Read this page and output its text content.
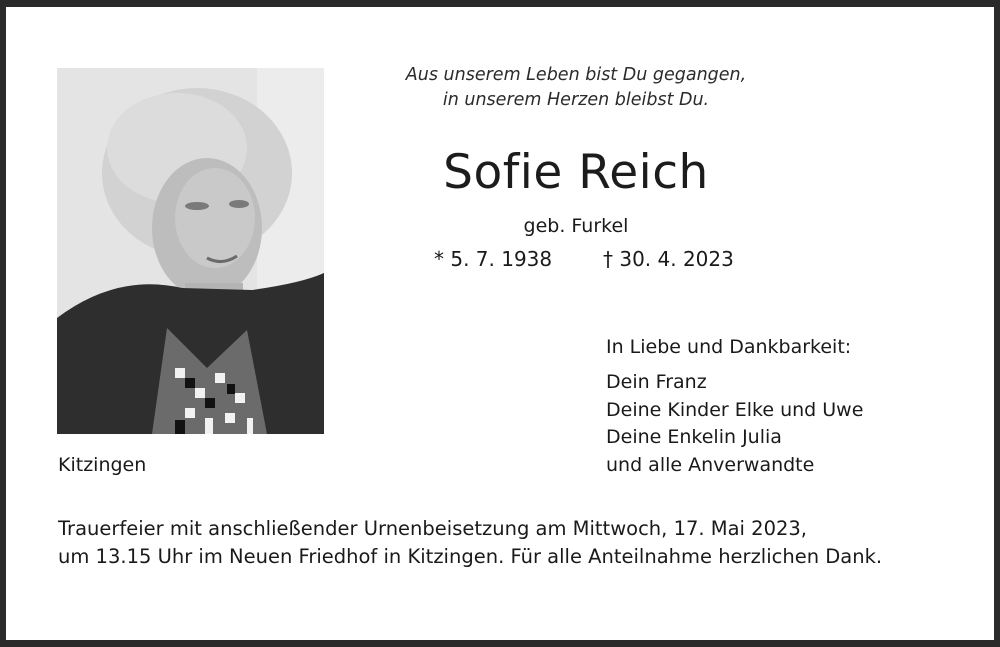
Aus unserem Leben bist Du gegangen,
in unserem Herzen bleibst Du.
Sofie Reich
geb. Furkel
* 5. 7. 1938	† 30. 4. 2023
In Liebe und Dankbarkeit:
Dein Franz
Deine Kinder Elke und Uwe
Deine Enkelin Julia
und alle Anverwandte
Kitzingen
Trauerfeier mit anschließender Urnenbeisetzung am Mittwoch, 17. Mai 2023,
um 13.15 Uhr im Neuen Friedhof in Kitzingen. Für alle Anteilnahme herzlichen Dank.
